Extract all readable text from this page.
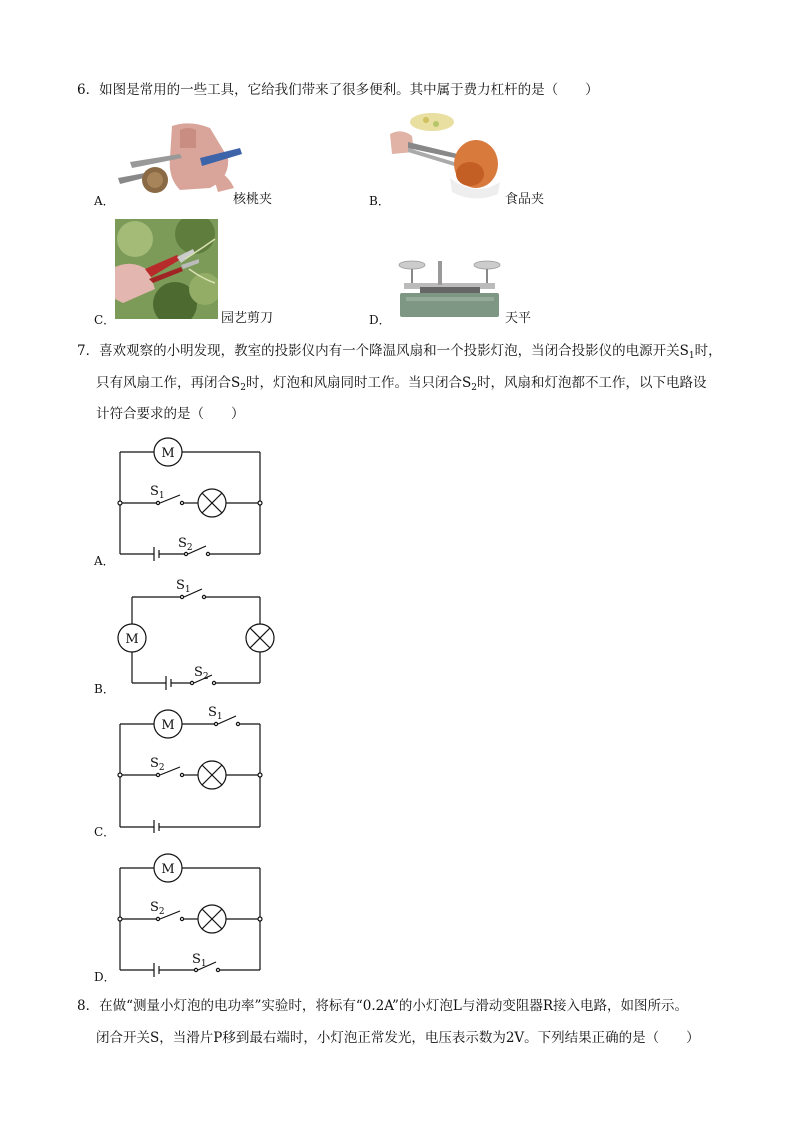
6．如图是常用的一些工具，它给我们带来了很多便利。其中属于费力杠杆的是（　　）
A．	核桃夹	B．	食品夹
C．	园艺剪刀	D．	天平
7．喜欢观察的小明发现，教室的投影仪内有一个降温风扇和一个投影灯泡，当闭合投影仪的电源开关$S_1$时，
只有风扇工作，再闭合$S_2$时，灯泡和风扇同时工作。当只闭合$S_2$时，风扇和灯泡都不工作，以下电路设
计符合要求的是（　　）
A．
M
$S_1$
$S_2$
B．
$S_1$
M
$S_2$
C．
M
$S_1$
$S_2$
D．
M
$S_2$
$S_1$
8．在做“测量小灯泡的电功率”实验时，将标有“0.2A”的小灯泡L与滑动变阻器R接入电路，如图所示。
闭合开关S，当滑片P移到最右端时，小灯泡正常发光，电压表示数为2V。下列结果正确的是（　　）
